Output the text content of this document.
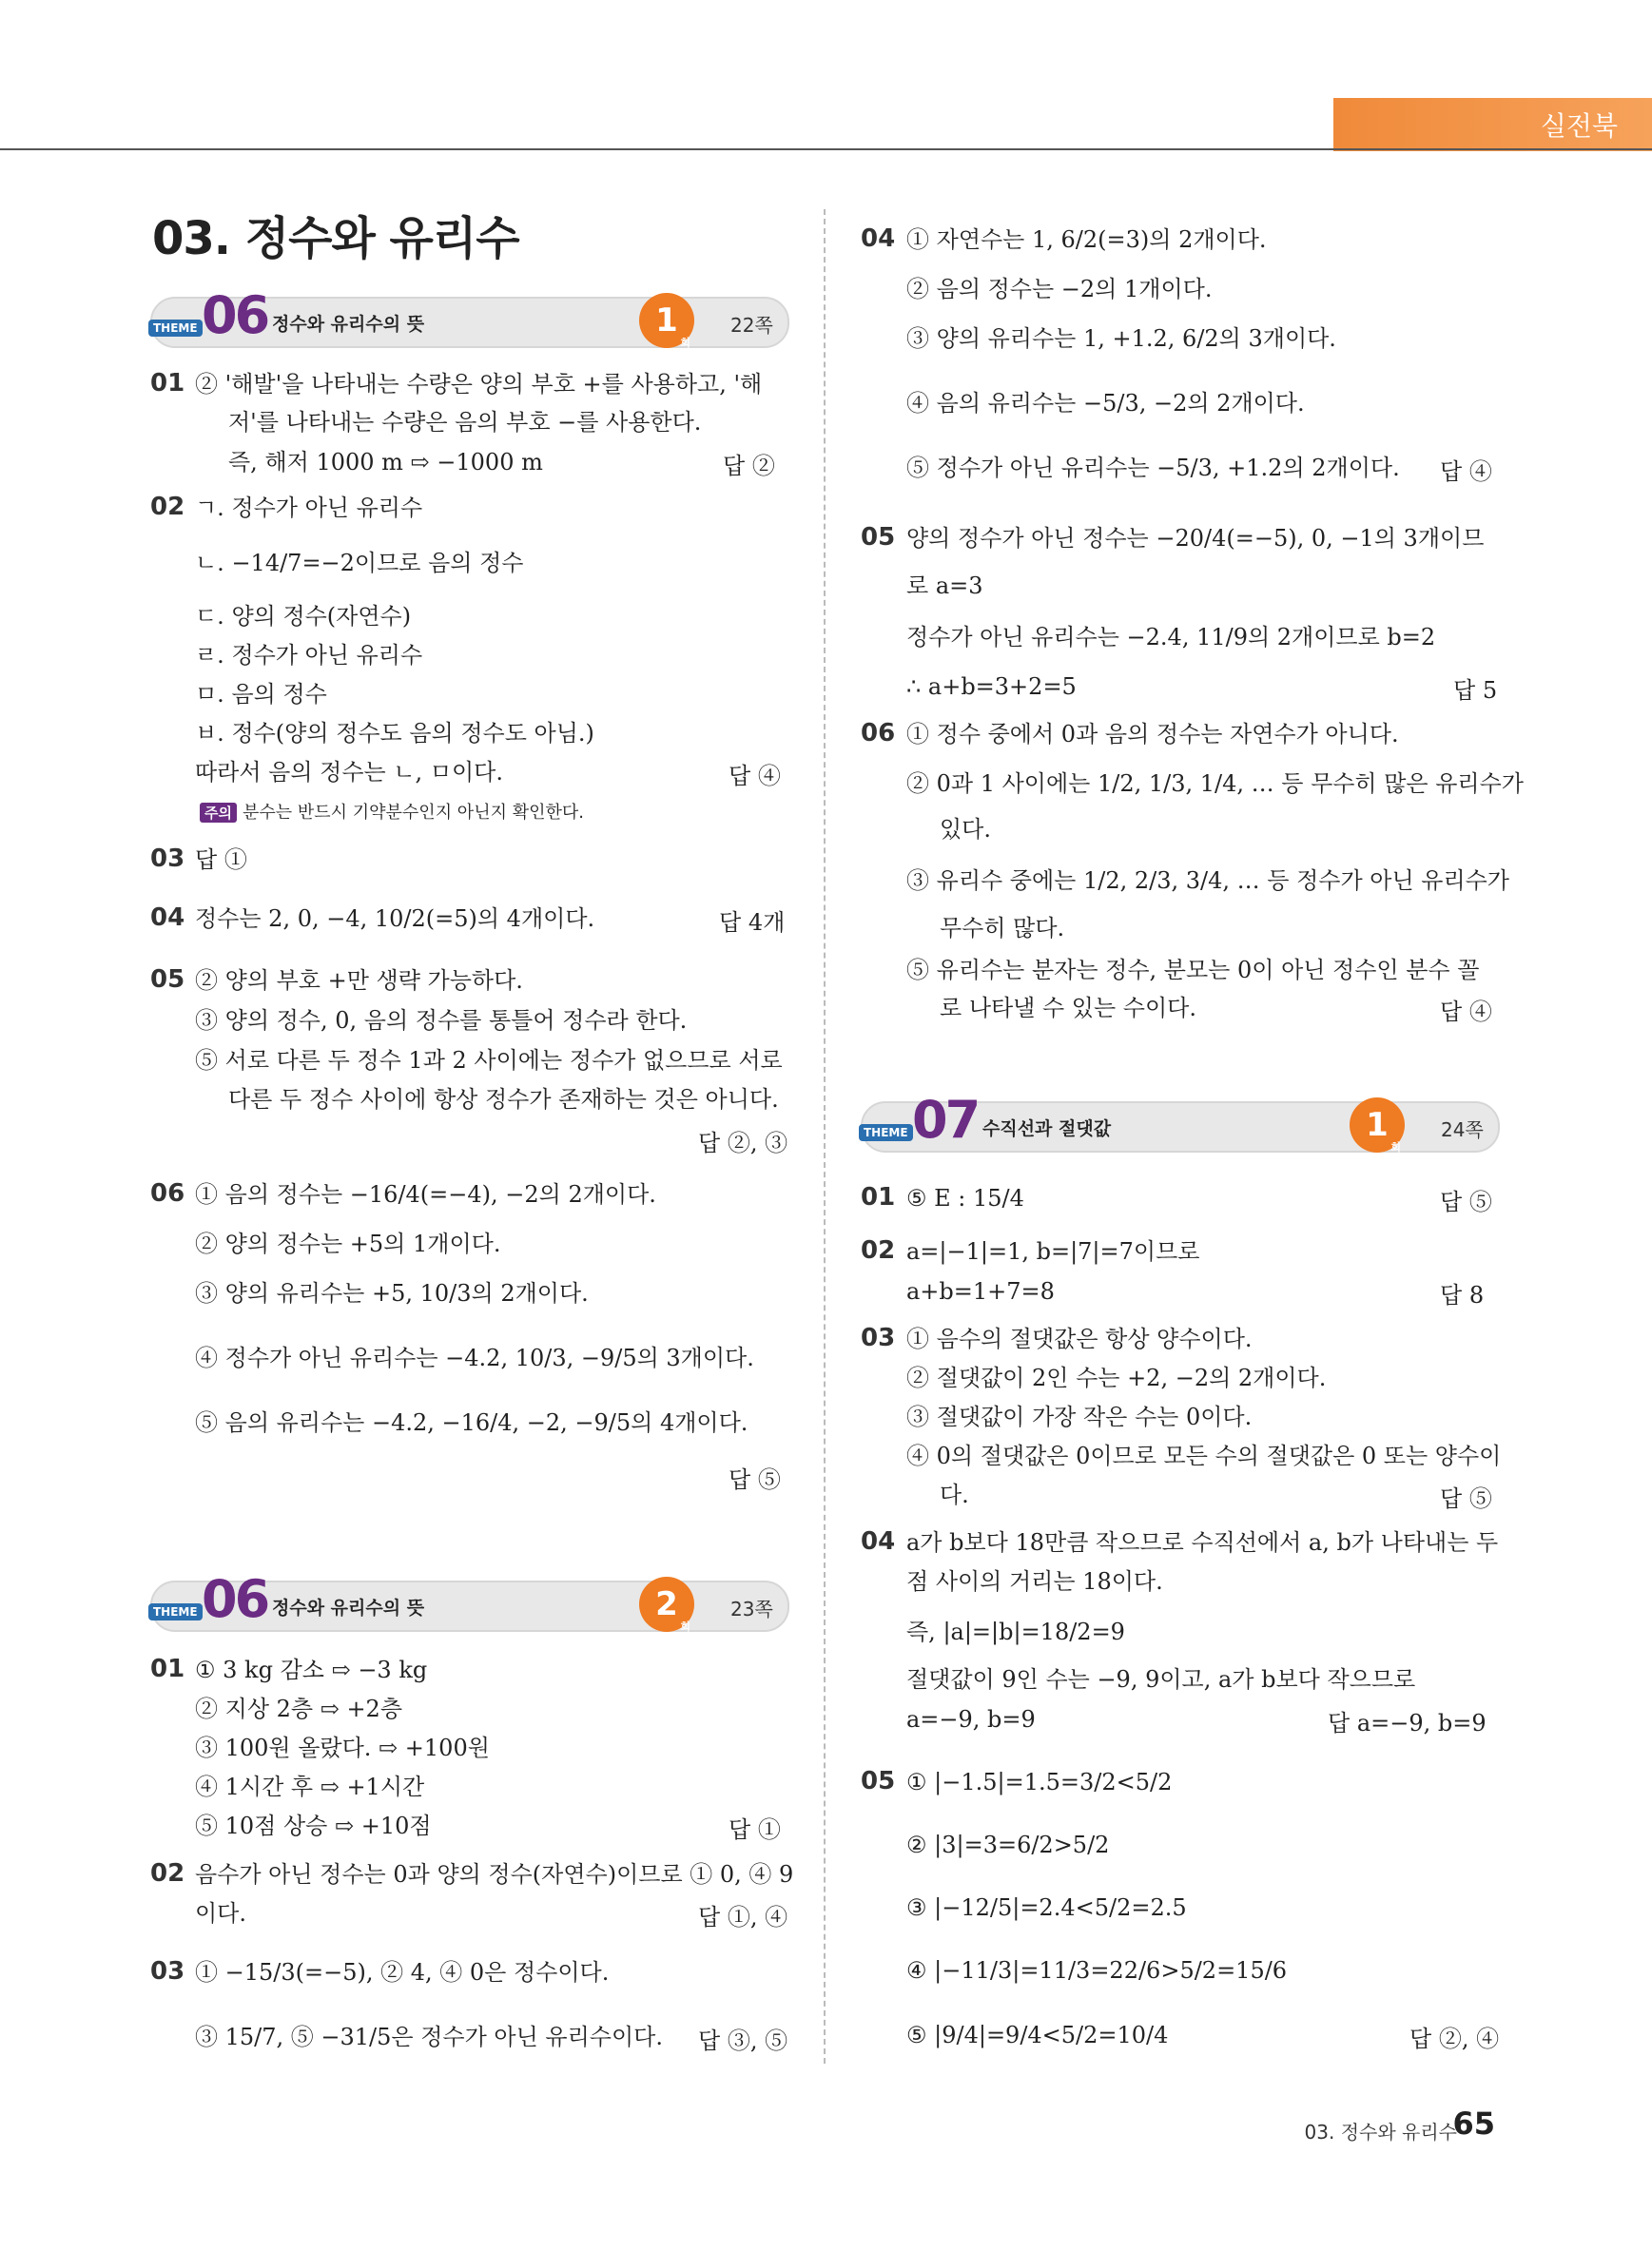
실전북
03. 정수와 유리수
THEME 06 정수와 유리수의 뜻	1
회
22쪽
THEME 06 정수와 유리수의 뜻	2
회
23쪽
THEME 07 수직선과 절댓값	1
회
24쪽
01 ② '해발'을 나타내는 수량은 양의 부호 +를 사용하고, '해
저'를 나타내는 수량은 음의 부호 −를 사용한다.
즉, 해저 1000 m ⇨ −1000 m	답 ②
02 ㄱ. 정수가 아닌 유리수
ㄴ. −14/7=−2이므로 음의 정수
ㄷ. 양의 정수(자연수)
ㄹ. 정수가 아닌 유리수
ㅁ. 음의 정수
ㅂ. 정수(양의 정수도 음의 정수도 아님.)
따라서 음의 정수는 ㄴ, ㅁ이다.	답 ④
주의 분수는 반드시 기약분수인지 아닌지 확인한다.
03 답 ①
04 정수는 2, 0, −4, 10/2(=5)의 4개이다.	답 4개
05 ② 양의 부호 +만 생략 가능하다.
③ 양의 정수, 0, 음의 정수를 통틀어 정수라 한다.
⑤ 서로 다른 두 정수 1과 2 사이에는 정수가 없으므로 서로
다른 두 정수 사이에 항상 정수가 존재하는 것은 아니다.
답 ②, ③
06 ① 음의 정수는 −16/4(=−4), −2의 2개이다.
② 양의 정수는 +5의 1개이다.
③ 양의 유리수는 +5, 10/3의 2개이다.
④ 정수가 아닌 유리수는 −4.2, 10/3, −9/5의 3개이다.
⑤ 음의 유리수는 −4.2, −16/4, −2, −9/5의 4개이다.
답 ⑤
01 ① 3 kg 감소 ⇨ −3 kg
② 지상 2층 ⇨ +2층
③ 100원 올랐다. ⇨ +100원
④ 1시간 후 ⇨ +1시간
⑤ 10점 상승 ⇨ +10점	답 ①
02 음수가 아닌 정수는 0과 양의 정수(자연수)이므로 ① 0, ④ 9
이다.	답 ①, ④
03 ① −15/3(=−5), ② 4, ④ 0은 정수이다.
③ 15/7, ⑤ −31/5은 정수가 아닌 유리수이다. 답 ③, ⑤
04 ① 자연수는 1, 6/2(=3)의 2개이다.
② 음의 정수는 −2의 1개이다.
③ 양의 유리수는 1, +1.2, 6/2의 3개이다.
④ 음의 유리수는 −5/3, −2의 2개이다.
⑤ 정수가 아닌 유리수는 −5/3, +1.2의 2개이다. 답 ④
05 양의 정수가 아닌 정수는 −20/4(=−5), 0, −1의 3개이므
로 a=3
정수가 아닌 유리수는 −2.4, 11/9의 2개이므로 b=2
∴ a+b=3+2=5	답 5
06 ① 정수 중에서 0과 음의 정수는 자연수가 아니다.
② 0과 1 사이에는 1/2, 1/3, 1/4, … 등 무수히 많은 유리수가
있다.
③ 유리수 중에는 1/2, 2/3, 3/4, … 등 정수가 아닌 유리수가
무수히 많다.
⑤ 유리수는 분자는 정수, 분모는 0이 아닌 정수인 분수 꼴
로 나타낼 수 있는 수이다.	답 ④
01 ⑤ E : 15/4	답 ⑤
02 a=|−1|=1, b=|7|=7이므로
a+b=1+7=8	답 8
03 ① 음수의 절댓값은 항상 양수이다.
② 절댓값이 2인 수는 +2, −2의 2개이다.
③ 절댓값이 가장 작은 수는 0이다.
④ 0의 절댓값은 0이므로 모든 수의 절댓값은 0 또는 양수이
다.	답 ⑤
04 a가 b보다 18만큼 작으므로 수직선에서 a, b가 나타내는 두
점 사이의 거리는 18이다.
즉, |a|=|b|=18/2=9
절댓값이 9인 수는 −9, 9이고, a가 b보다 작으므로
a=−9, b=9	답 a=−9, b=9
05 ① |−1.5|=1.5=3/2<5/2
② |3|=3=6/2>5/2
③ |−12/5|=2.4<5/2=2.5
④ |−11/3|=11/3=22/6>5/2=15/6
⑤ |9/4|=9/4<5/2=10/4	답 ②, ④
03. 정수와 유리수
65
